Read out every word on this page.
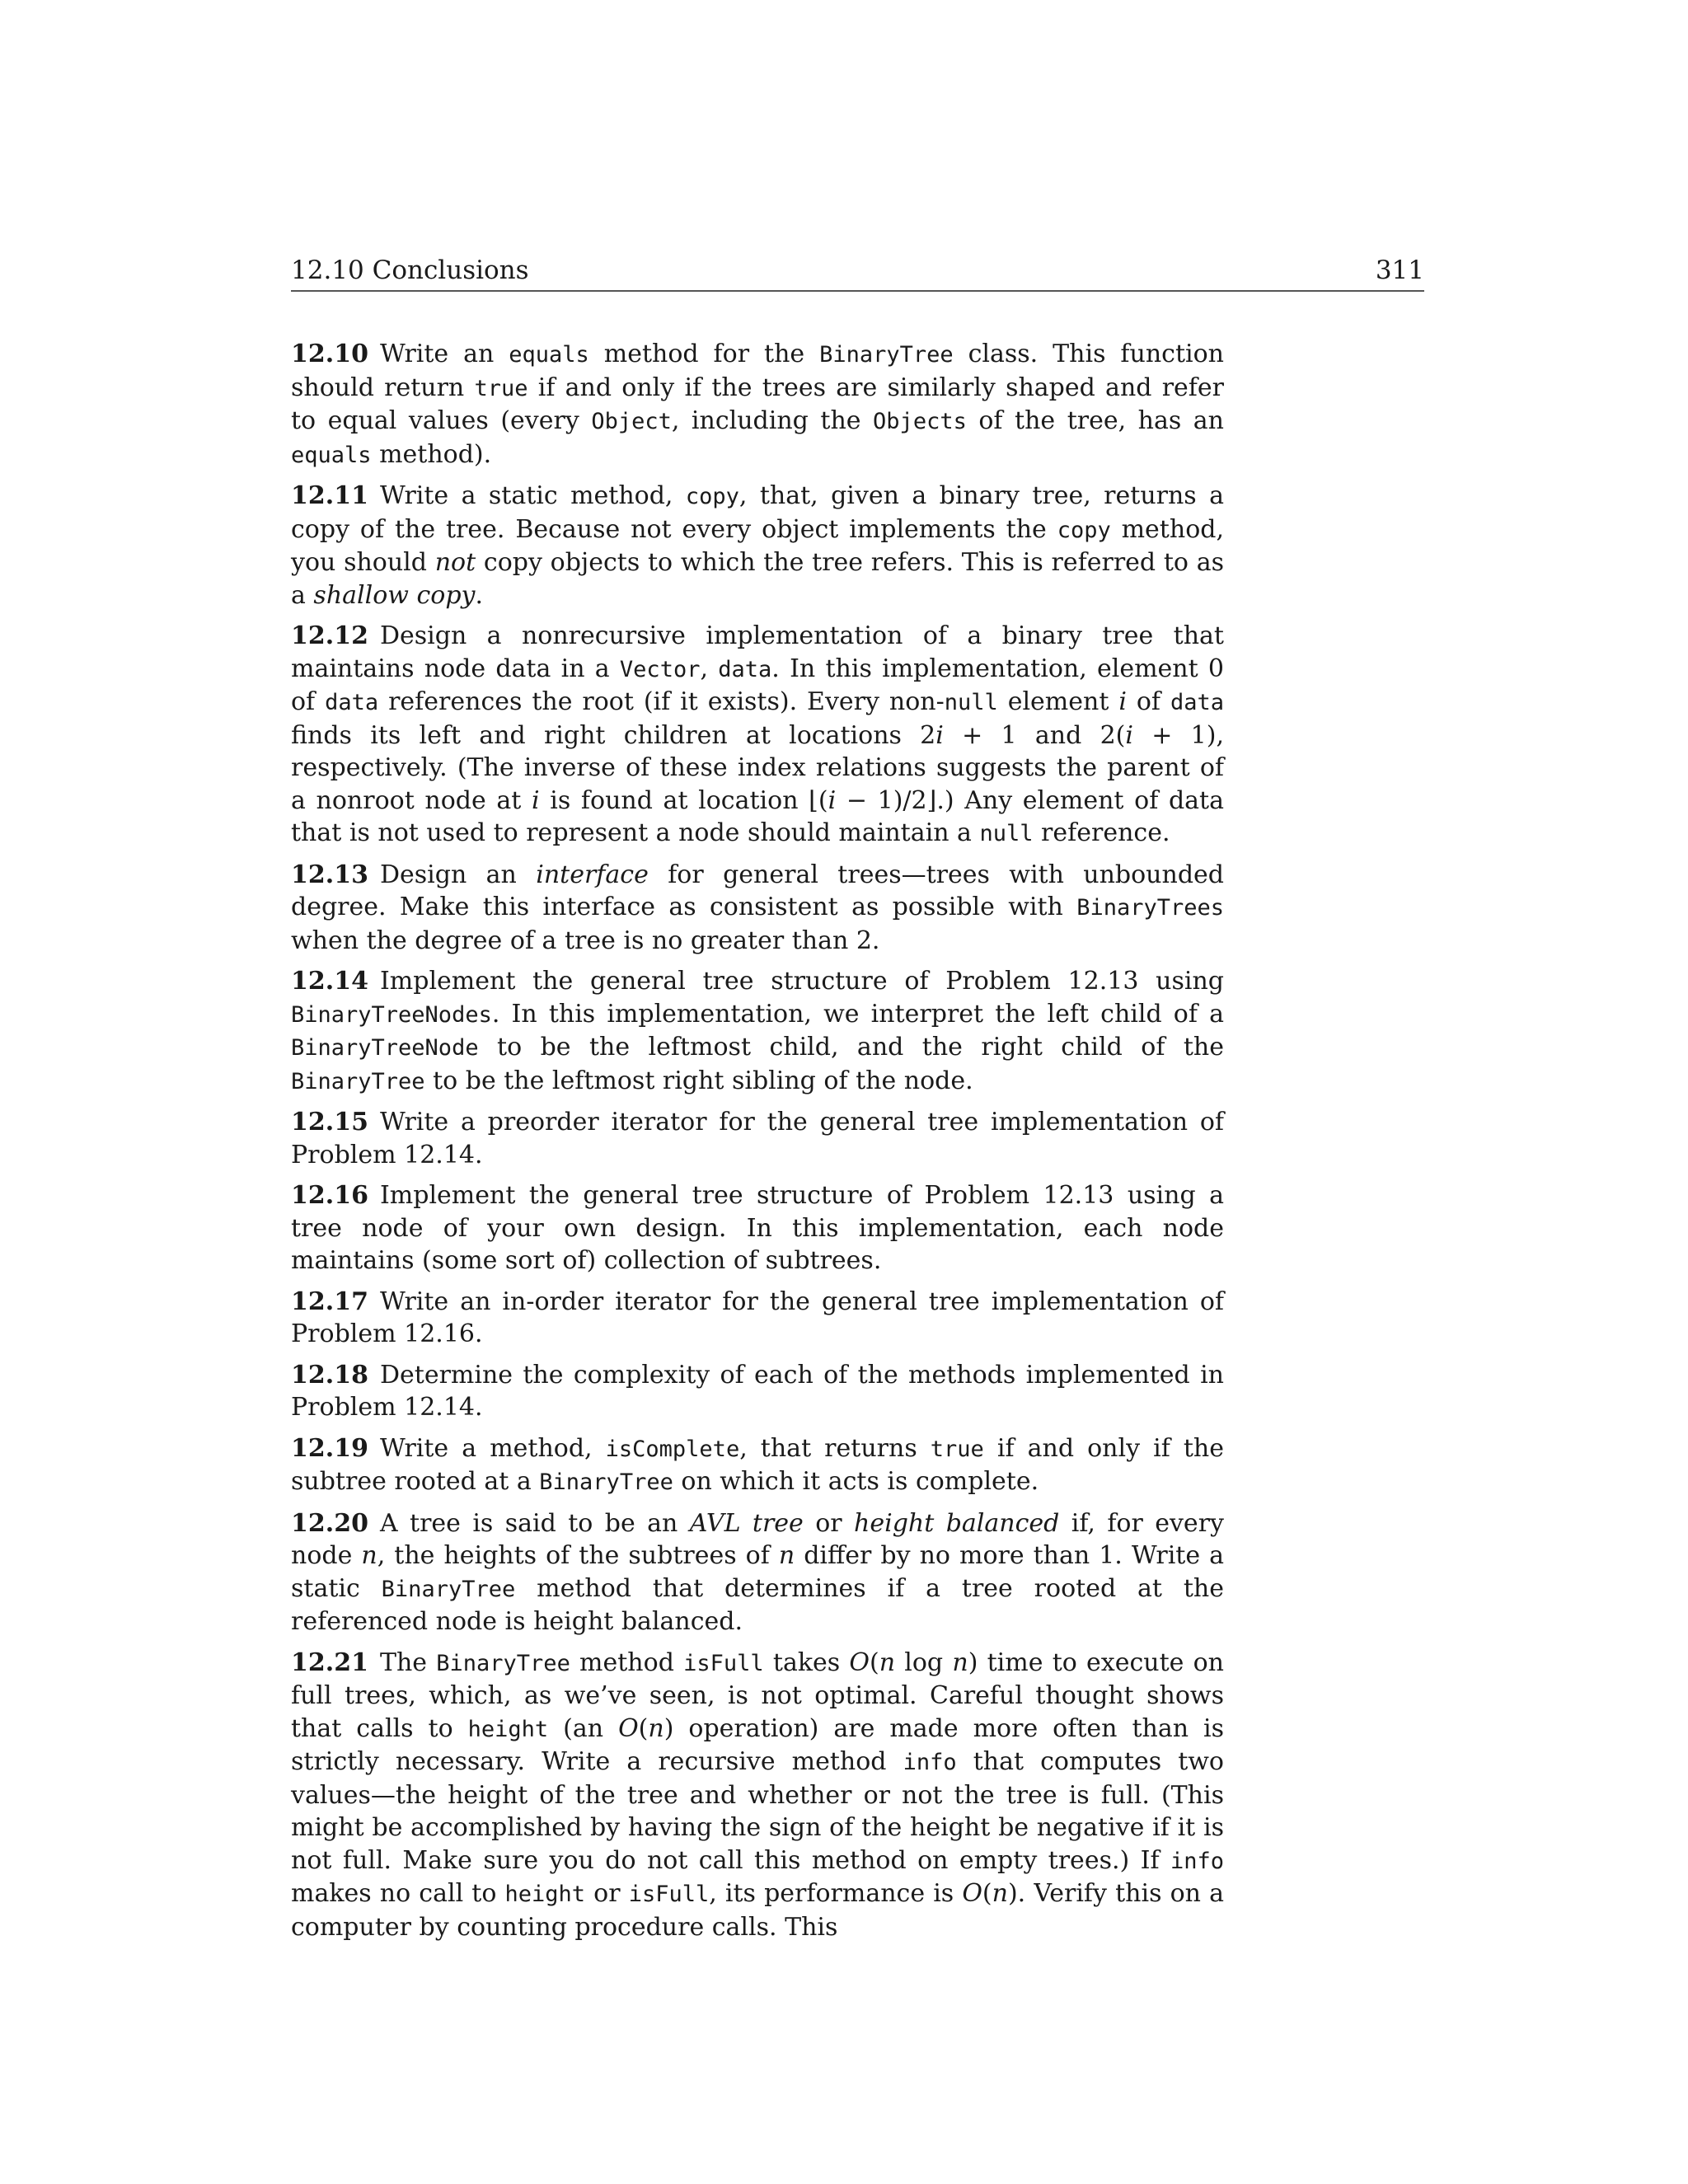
12.10 Conclusions	311

12.10 Write an equals method for the BinaryTree class. This function should return true if and only if the trees are similarly shaped and refer to equal values (every Object, including the Objects of the tree, has an equals method).

12.11 Write a static method, copy, that, given a binary tree, returns a copy of the tree. Because not every object implements the copy method, you should not copy objects to which the tree refers. This is referred to as a shallow copy.

12.12 Design a nonrecursive implementation of a binary tree that maintains node data in a Vector, data. In this implementation, element 0 of data references the root (if it exists). Every non-null element i of data finds its left and right children at locations 2i + 1 and 2(i + 1), respectively. (The inverse of these index relations suggests the parent of a nonroot node at i is found at location ⌊(i − 1)/2⌋.) Any element of data that is not used to represent a node should maintain a null reference.

12.13 Design an interface for general trees—trees with unbounded degree. Make this interface as consistent as possible with BinaryTrees when the degree of a tree is no greater than 2.

12.14 Implement the general tree structure of Problem 12.13 using BinaryTreeNodes. In this implementation, we interpret the left child of a BinaryTreeNode to be the leftmost child, and the right child of the BinaryTree to be the leftmost right sibling of the node.

12.15 Write a preorder iterator for the general tree implementation of Problem 12.14.

12.16 Implement the general tree structure of Problem 12.13 using a tree node of your own design. In this implementation, each node maintains (some sort of) collection of subtrees.

12.17 Write an in-order iterator for the general tree implementation of Problem 12.16.

12.18 Determine the complexity of each of the methods implemented in Problem 12.14.

12.19 Write a method, isComplete, that returns true if and only if the subtree rooted at a BinaryTree on which it acts is complete.

12.20 A tree is said to be an AVL tree or height balanced if, for every node n, the heights of the subtrees of n differ by no more than 1. Write a static BinaryTree method that determines if a tree rooted at the referenced node is height balanced.

12.21 The BinaryTree method isFull takes O(n log n) time to execute on full trees, which, as we’ve seen, is not optimal. Careful thought shows that calls to height (an O(n) operation) are made more often than is strictly necessary. Write a recursive method info that computes two values—the height of the tree and whether or not the tree is full. (This might be accomplished by having the sign of the height be negative if it is not full. Make sure you do not call this method on empty trees.) If info makes no call to height or isFull, its performance is O(n). Verify this on a computer by counting procedure calls. This
